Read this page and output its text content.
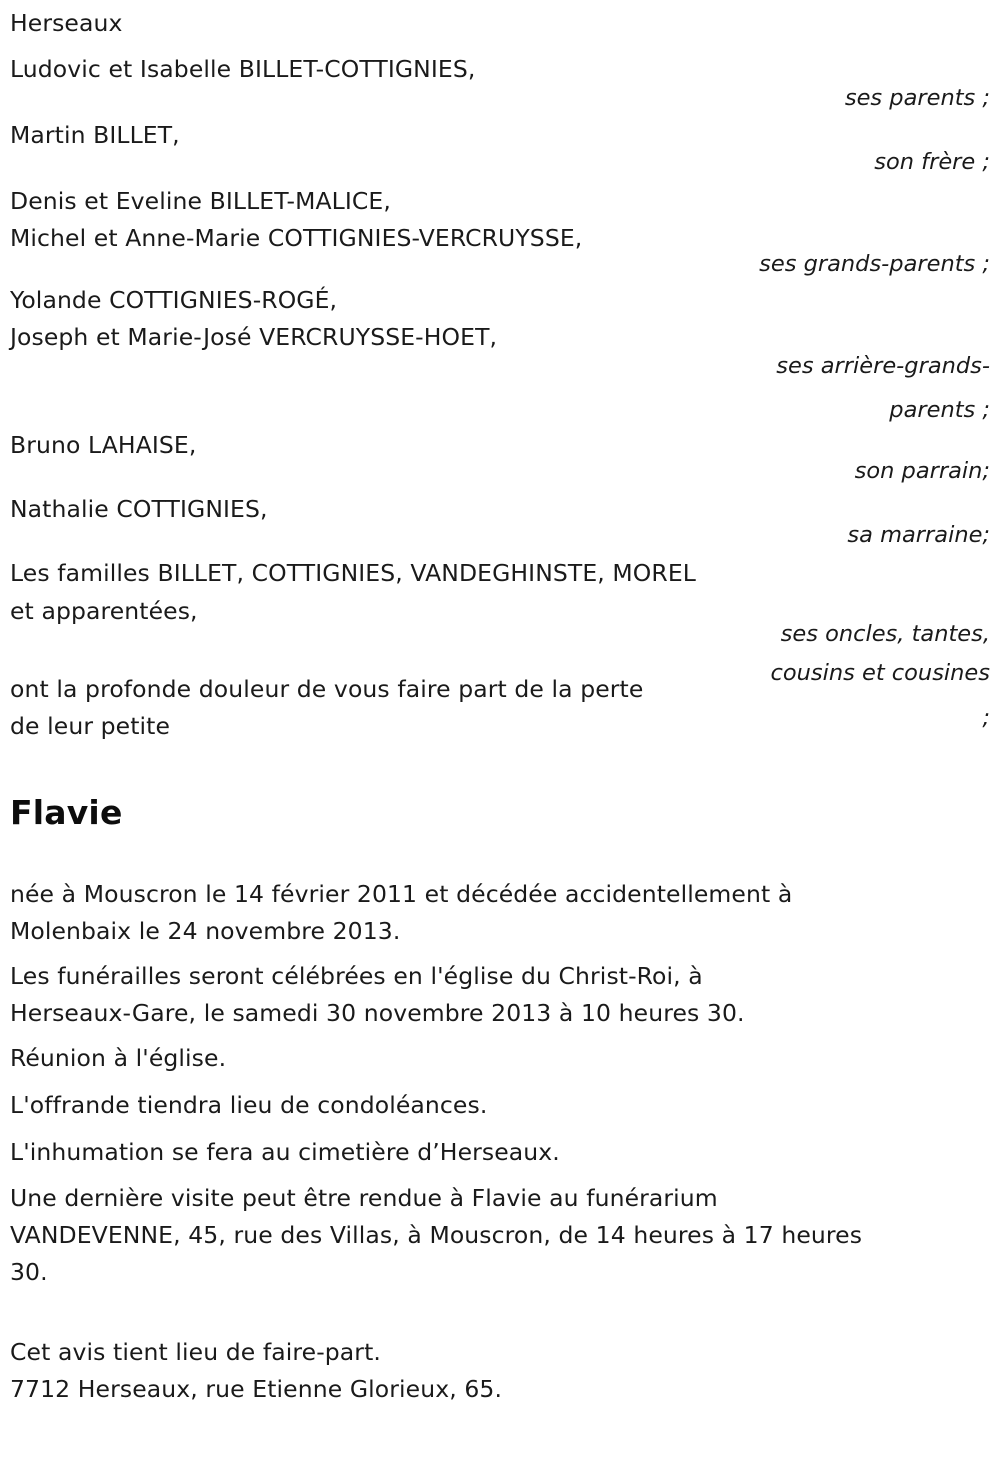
Herseaux
Ludovic et Isabelle BILLET-COTTIGNIES,
ses parents ;
Martin BILLET,
son frère ;
Denis et Eveline BILLET-MALICE,
Michel et Anne-Marie COTTIGNIES-VERCRUYSSE,
ses grands-parents ;
Yolande COTTIGNIES-ROGÉ,
Joseph et Marie-José VERCRUYSSE-HOET,
ses arrière-grands-
parents ;
Bruno LAHAISE,
son parrain;
Nathalie COTTIGNIES,
sa marraine;
Les familles BILLET, COTTIGNIES, VANDEGHINSTE, MOREL
et apparentées,
ses oncles, tantes,
cousins et cousines
;
ont la profonde douleur de vous faire part de la perte
de leur petite
Flavie
née à Mouscron le 14 février 2011 et décédée accidentellement à
Molenbaix le 24 novembre 2013.
Les funérailles seront célébrées en l'église du Christ-Roi, à
Herseaux-Gare, le samedi 30 novembre 2013 à 10 heures 30.
Réunion à l'église.
L'offrande tiendra lieu de condoléances.
L'inhumation se fera au cimetière d’Herseaux.
Une dernière visite peut être rendue à Flavie au funérarium
VANDEVENNE, 45, rue des Villas, à Mouscron, de 14 heures à 17 heures
30.
Cet avis tient lieu de faire-part.
7712 Herseaux, rue Etienne Glorieux, 65.
